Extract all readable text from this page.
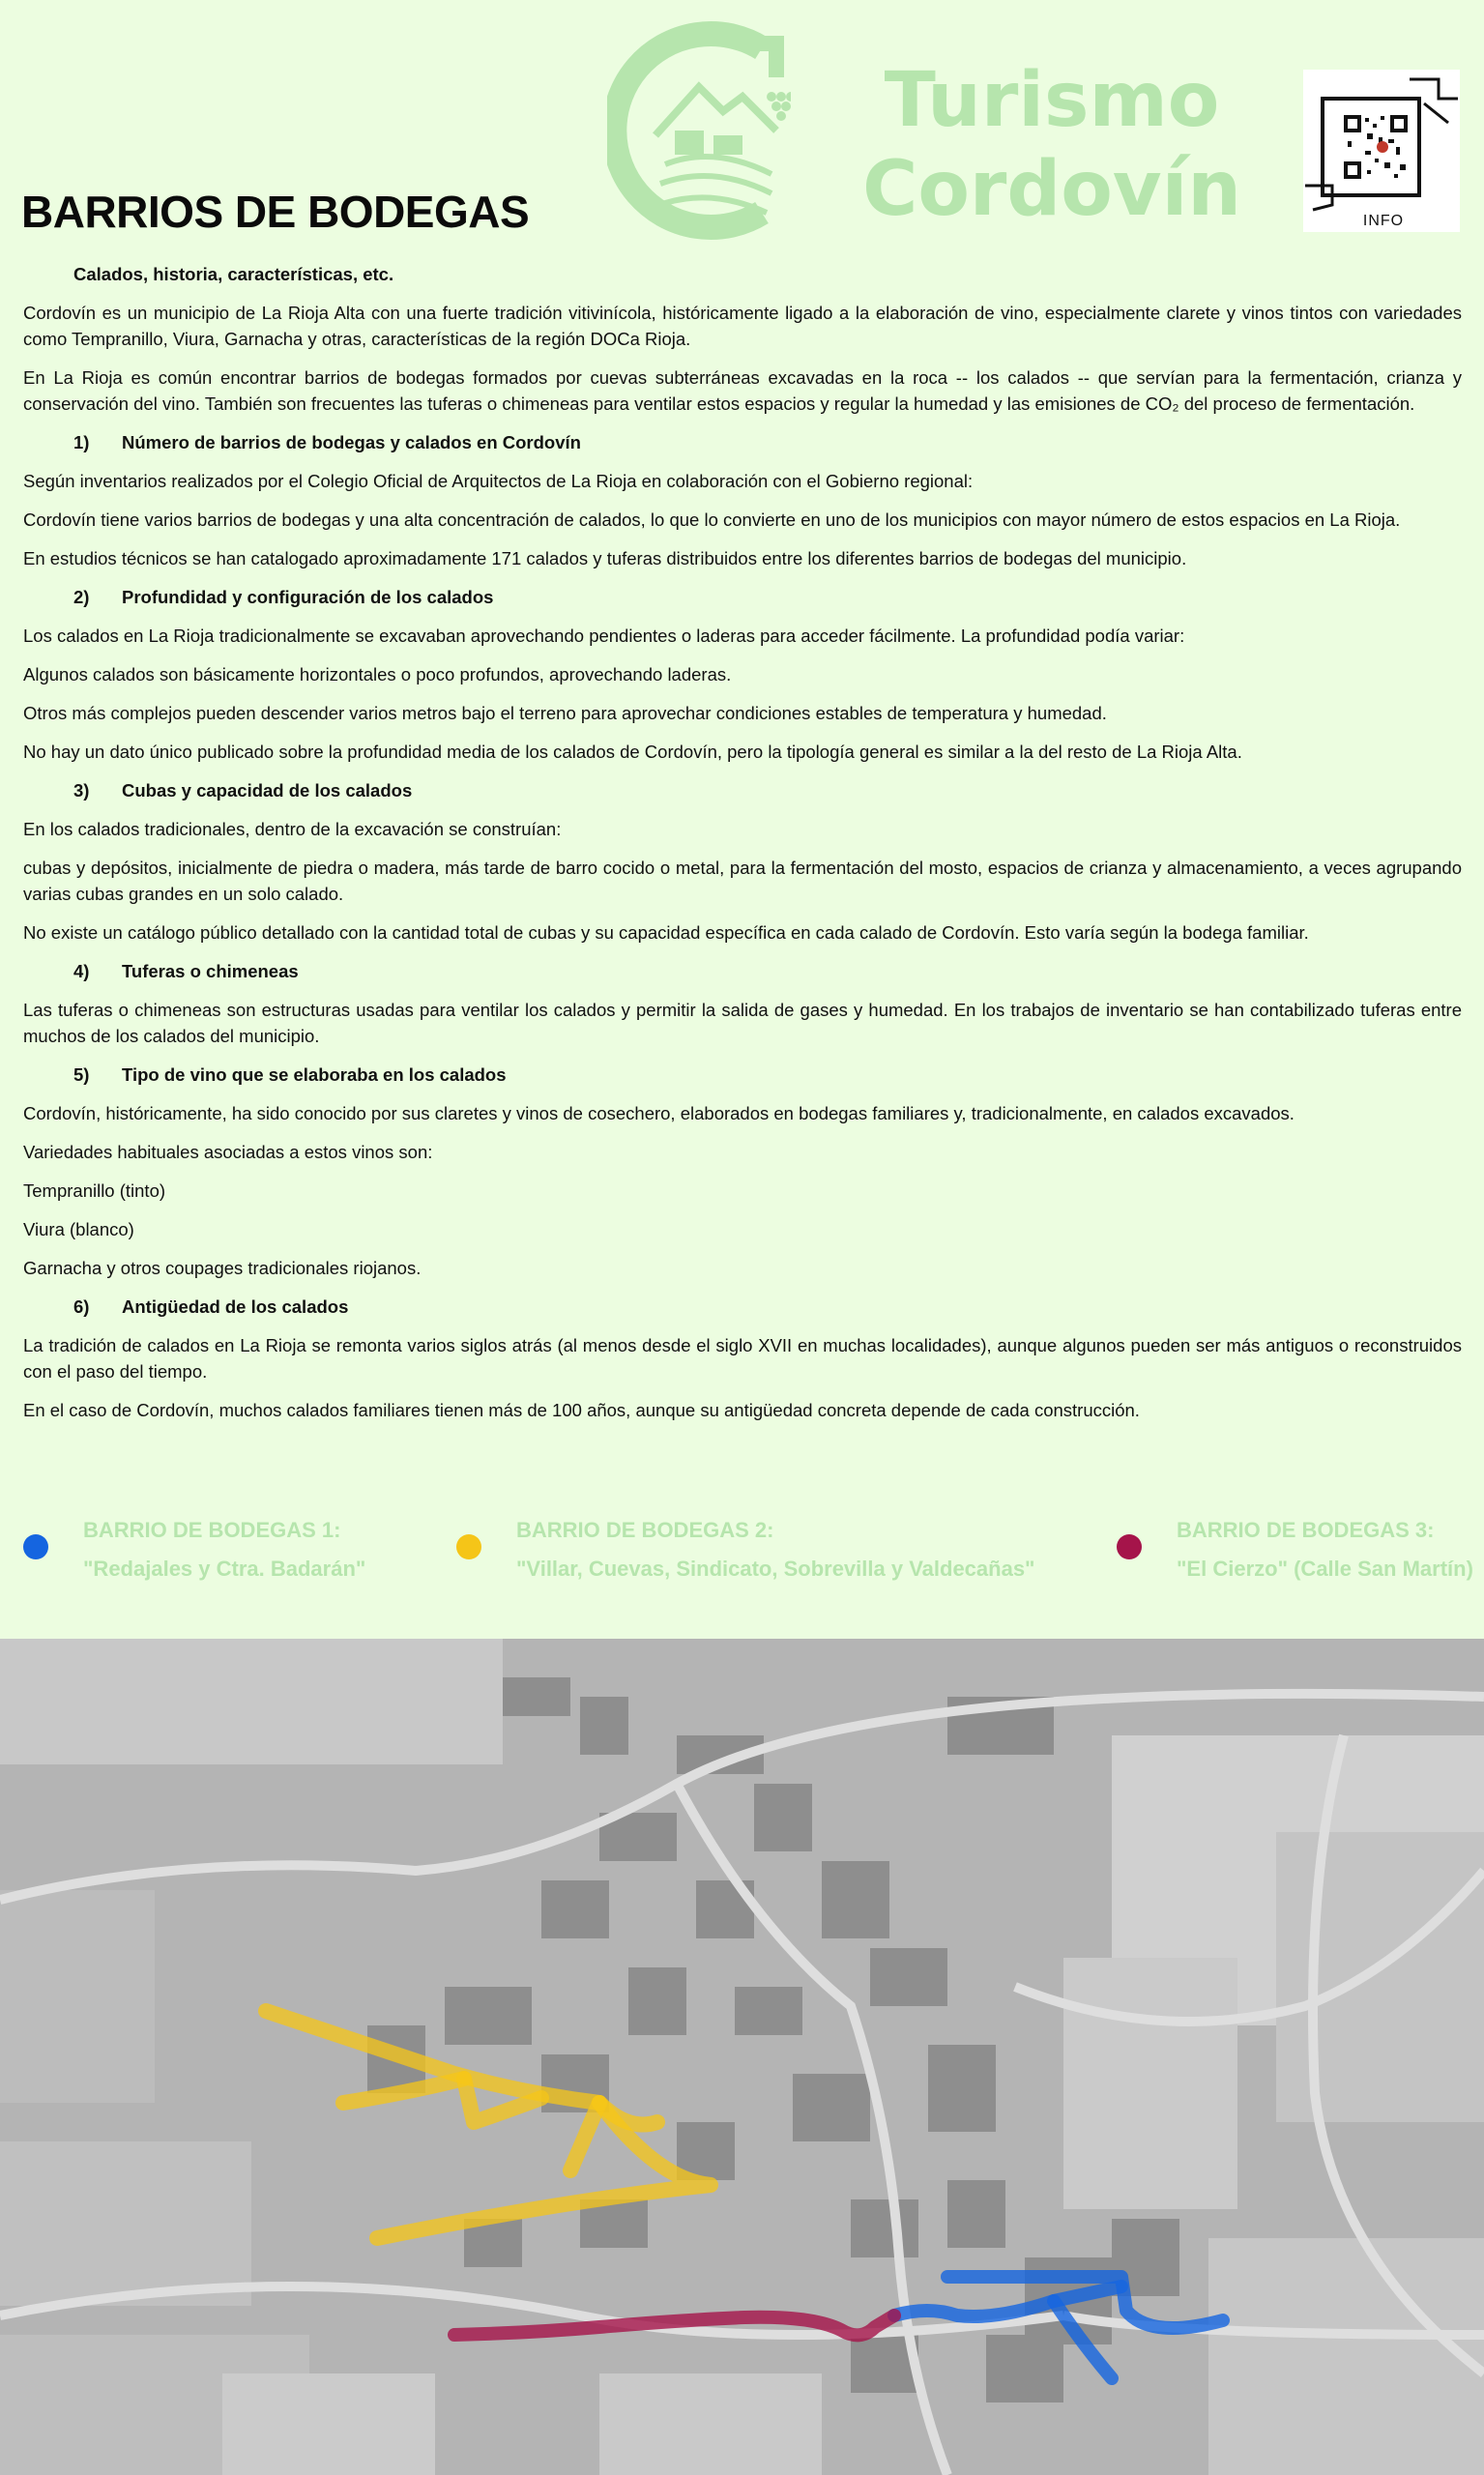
Turismo
Cordovín	INFO
BARRIOS DE BODEGAS

Calados, historia, características, etc.

Cordovín es un municipio de La Rioja Alta con una fuerte tradición vitivinícola, históricamente ligado a la elaboración de vino, especialmente clarete y vinos tintos con variedades como Tempranillo, Viura, Garnacha y otras, características de la región DOCa Rioja.

En La Rioja es común encontrar barrios de bodegas formados por cuevas subterráneas excavadas en la roca -- los calados -- que servían para la fermentación, crianza y conservación del vino. También son frecuentes las tuferas o chimeneas para ventilar estos espacios y regular la humedad y las emisiones de CO₂ del proceso de fermentación.

1) Número de barrios de bodegas y calados en Cordovín

Según inventarios realizados por el Colegio Oficial de Arquitectos de La Rioja en colaboración con el Gobierno regional:

Cordovín tiene varios barrios de bodegas y una alta concentración de calados, lo que lo convierte en uno de los municipios con mayor número de estos espacios en La Rioja.

En estudios técnicos se han catalogado aproximadamente 171 calados y tuferas distribuidos entre los diferentes barrios de bodegas del municipio.

2) Profundidad y configuración de los calados

Los calados en La Rioja tradicionalmente se excavaban aprovechando pendientes o laderas para acceder fácilmente. La profundidad podía variar:

Algunos calados son básicamente horizontales o poco profundos, aprovechando laderas.

Otros más complejos pueden descender varios metros bajo el terreno para aprovechar condiciones estables de temperatura y humedad.

No hay un dato único publicado sobre la profundidad media de los calados de Cordovín, pero la tipología general es similar a la del resto de La Rioja Alta.

3) Cubas y capacidad de los calados

En los calados tradicionales, dentro de la excavación se construían:

cubas y depósitos, inicialmente de piedra o madera, más tarde de barro cocido o metal, para la fermentación del mosto, espacios de crianza y almacenamiento, a veces agrupando varias cubas grandes en un solo calado.

No existe un catálogo público detallado con la cantidad total de cubas y su capacidad específica en cada calado de Cordovín. Esto varía según la bodega familiar.

4) Tuferas o chimeneas

Las tuferas o chimeneas son estructuras usadas para ventilar los calados y permitir la salida de gases y humedad. En los trabajos de inventario se han contabilizado tuferas entre muchos de los calados del municipio.

5) Tipo de vino que se elaboraba en los calados

Cordovín, históricamente, ha sido conocido por sus claretes y vinos de cosechero, elaborados en bodegas familiares y, tradicionalmente, en calados excavados.

Variedades habituales asociadas a estos vinos son:

Tempranillo (tinto)

Viura (blanco)

Garnacha y otros coupages tradicionales riojanos.

6) Antigüedad de los calados

La tradición de calados en La Rioja se remonta varios siglos atrás (al menos desde el siglo XVII en muchas localidades), aunque algunos pueden ser más antiguos o reconstruidos con el paso del tiempo.

En el caso de Cordovín, muchos calados familiares tienen más de 100 años, aunque su antigüedad concreta depende de cada construcción.

BARRIO DE BODEGAS 1:
"Redajales y Ctra. Badarán"
BARRIO DE BODEGAS 2:
"Villar, Cuevas, Sindicato, Sobrevilla y Valdecañas"
BARRIO DE BODEGAS 3:
"El Cierzo" (Calle San Martín)
